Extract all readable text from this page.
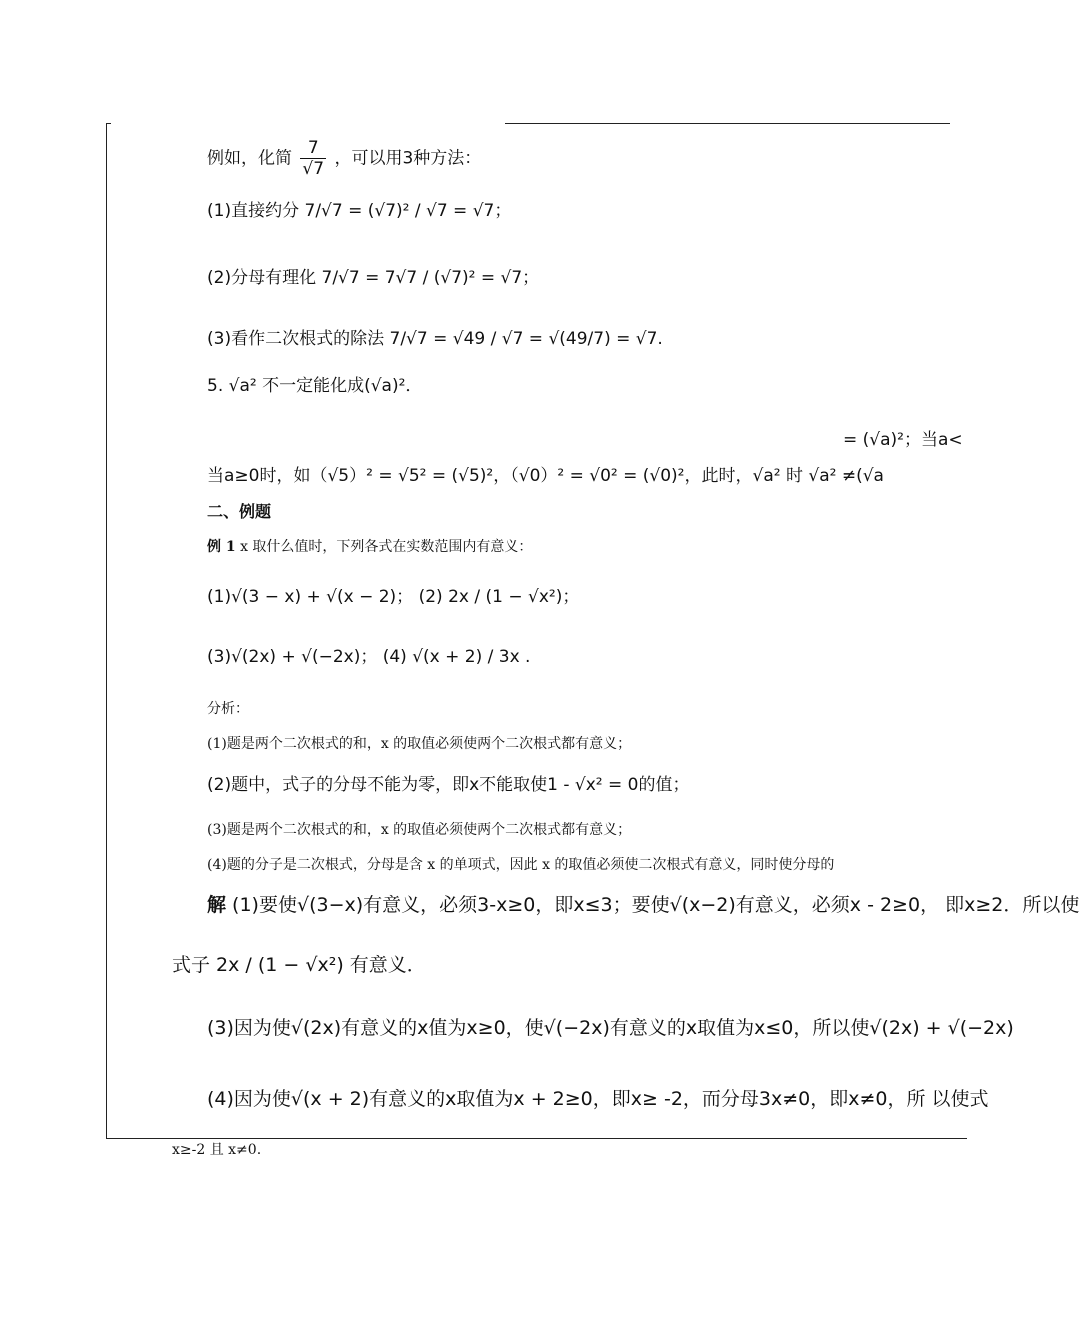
例如，化简 $\frac{7}{√7}$ ，可以用3种方法：
(1)直接约分 7/√7 = (√7)² / √7 = √7；
(2)分母有理化 7/√7 = 7√7 / (√7)² = √7；
(3)看作二次根式的除法 7/√7 = √49 / √7 = √(49/7) = √7.
5. √a² 不一定能化成(√a)²．
= (√a)²；当a<
当a≥0时，如（√5）² = √5² = (√5)²，（√0）² = √0² = (√0)²，此时，√a² 时 √a² ≠(√a
二、例题
例 1 x 取什么值时，下列各式在实数范围内有意义：
(1)√(3 − x) + √(x − 2)； (2) 2x / (1 − √x²)；
(3)√(2x) + √(−2x)； (4) √(x + 2) / 3x .
分析：
(1)题是两个二次根式的和，x 的取值必须使两个二次根式都有意义；
(2)题中，式子的分母不能为零，即x不能取使1 - √x² = 0的值；
(3)题是两个二次根式的和，x 的取值必须使两个二次根式都有意义；
(4)题的分子是二次根式，分母是含 x 的单项式，因此 x 的取值必须使二次根式有意义，同时使分母的
解 (1)要使√(3−x)有意义，必须3-x≥0，即x≤3；要使√(x−2)有意义，必须x - 2≥0， 即x≥2．所以使
式子 2x / (1 − √x²) 有意义．
(3)因为使√(2x)有意义的x值为x≥0，使√(−2x)有意义的x取值为x≤0，所以使√(2x) + √(−2x)
(4)因为使√(x + 2)有意义的x取值为x + 2≥0，即x≥ -2，而分母3x≠0，即x≠0，所 以使式
x≥-2 且 x≠0.
